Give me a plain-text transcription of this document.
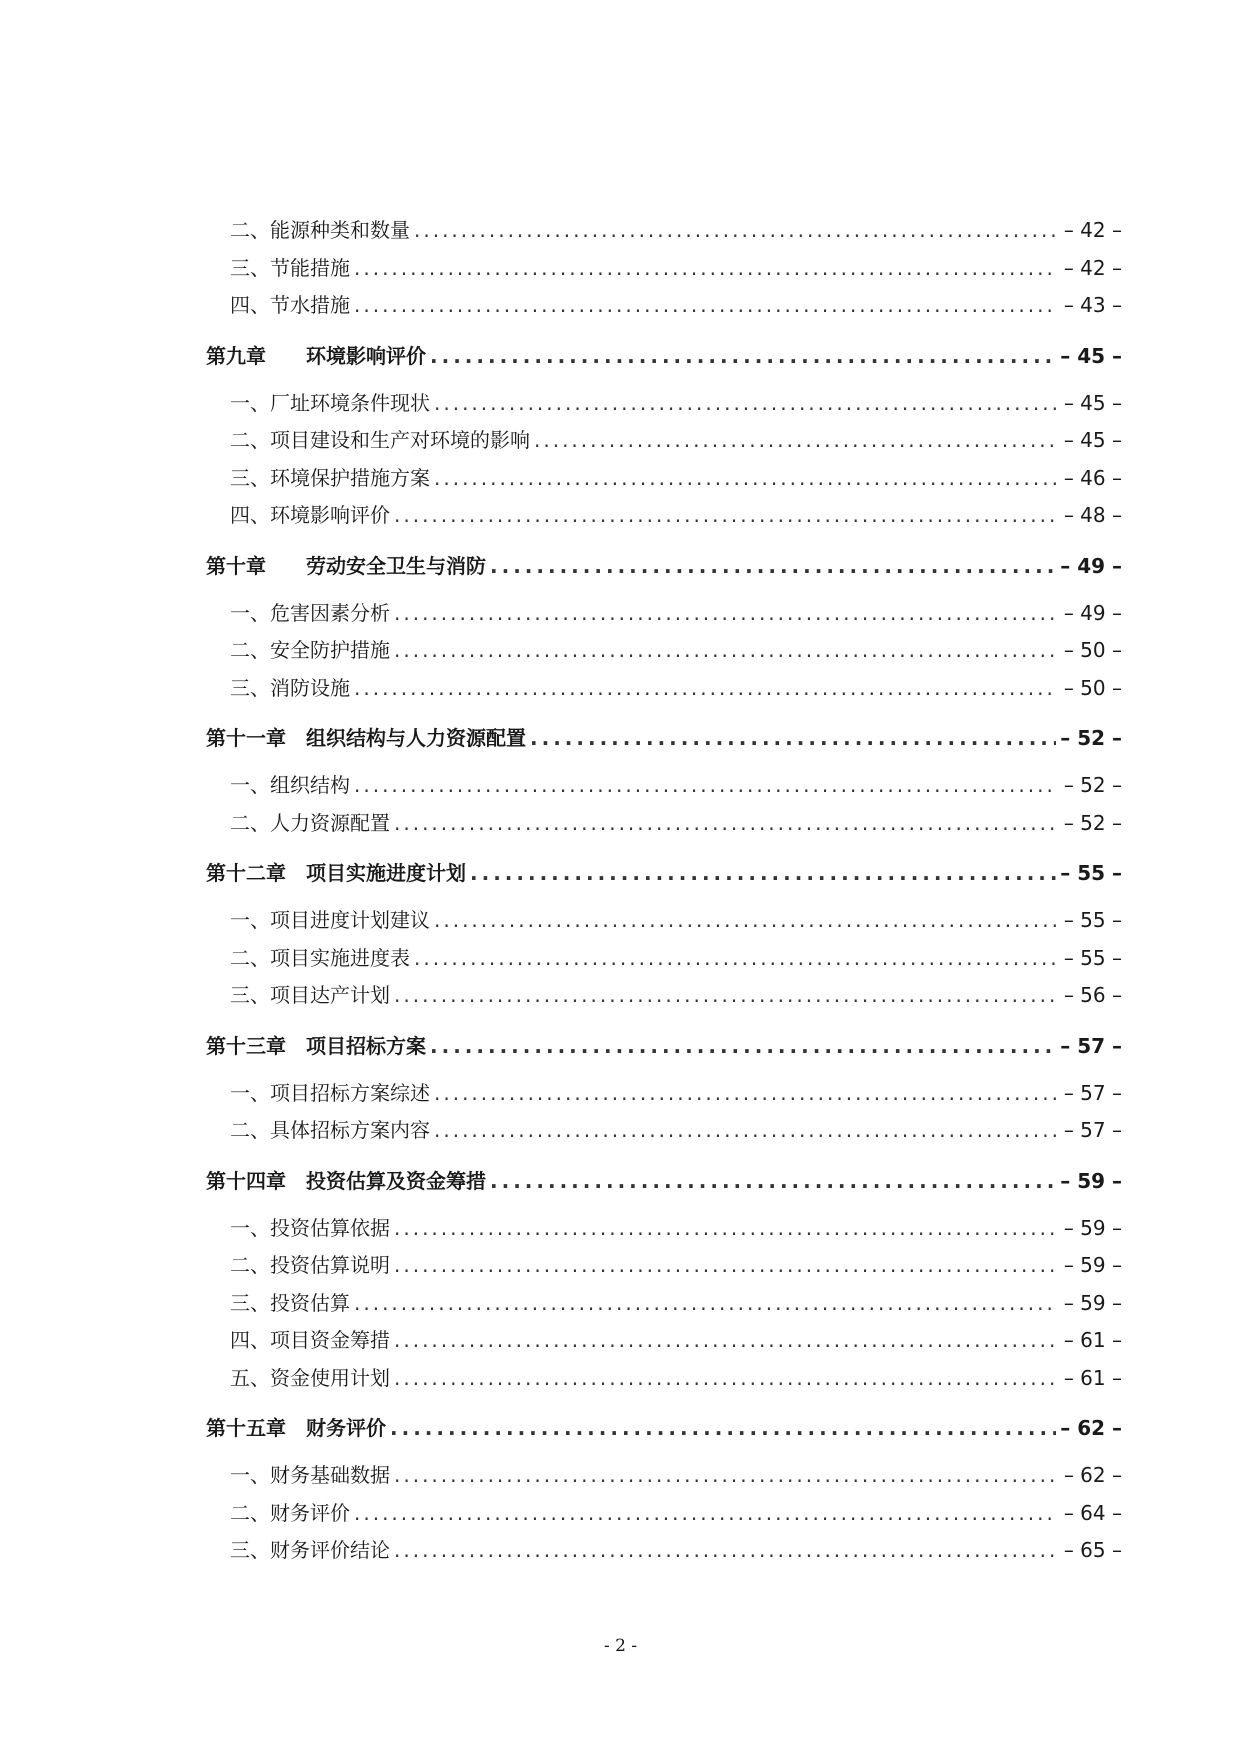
二、能源种类和数量 .....	– 42 –
三、节能措施 .....	– 42 –
四、节水措施 .....	– 43 –
第九章 环境影响评价 .....	– 45 –
一、厂址环境条件现状 .....	– 45 –
二、项目建设和生产对环境的影响 .....	– 45 –
三、环境保护措施方案 .....	– 46 –
四、环境影响评价 .....	– 48 –
第十章 劳动安全卫生与消防 .....	– 49 –
一、危害因素分析 .....	– 49 –
二、安全防护措施 .....	– 50 –
三、消防设施 .....	– 50 –
第十一章 组织结构与人力资源配置 .....	– 52 –
一、组织结构 .....	– 52 –
二、人力资源配置 .....	– 52 –
第十二章 项目实施进度计划 .....	– 55 –
一、项目进度计划建议 .....	– 55 –
二、项目实施进度表 .....	– 55 –
三、项目达产计划 .....	– 56 –
第十三章 项目招标方案 .....	– 57 –
一、项目招标方案综述 .....	– 57 –
二、具体招标方案内容 .....	– 57 –
第十四章 投资估算及资金筹措 .....	– 59 –
一、投资估算依据 .....	– 59 –
二、投资估算说明 .....	– 59 –
三、投资估算 .....	– 59 –
四、项目资金筹措 .....	– 61 –
五、资金使用计划 .....	– 61 –
第十五章 财务评价 .....	– 62 –
一、财务基础数据 .....	– 62 –
二、财务评价 .....	– 64 –
三、财务评价结论 .....	– 65 –
- 2 -
